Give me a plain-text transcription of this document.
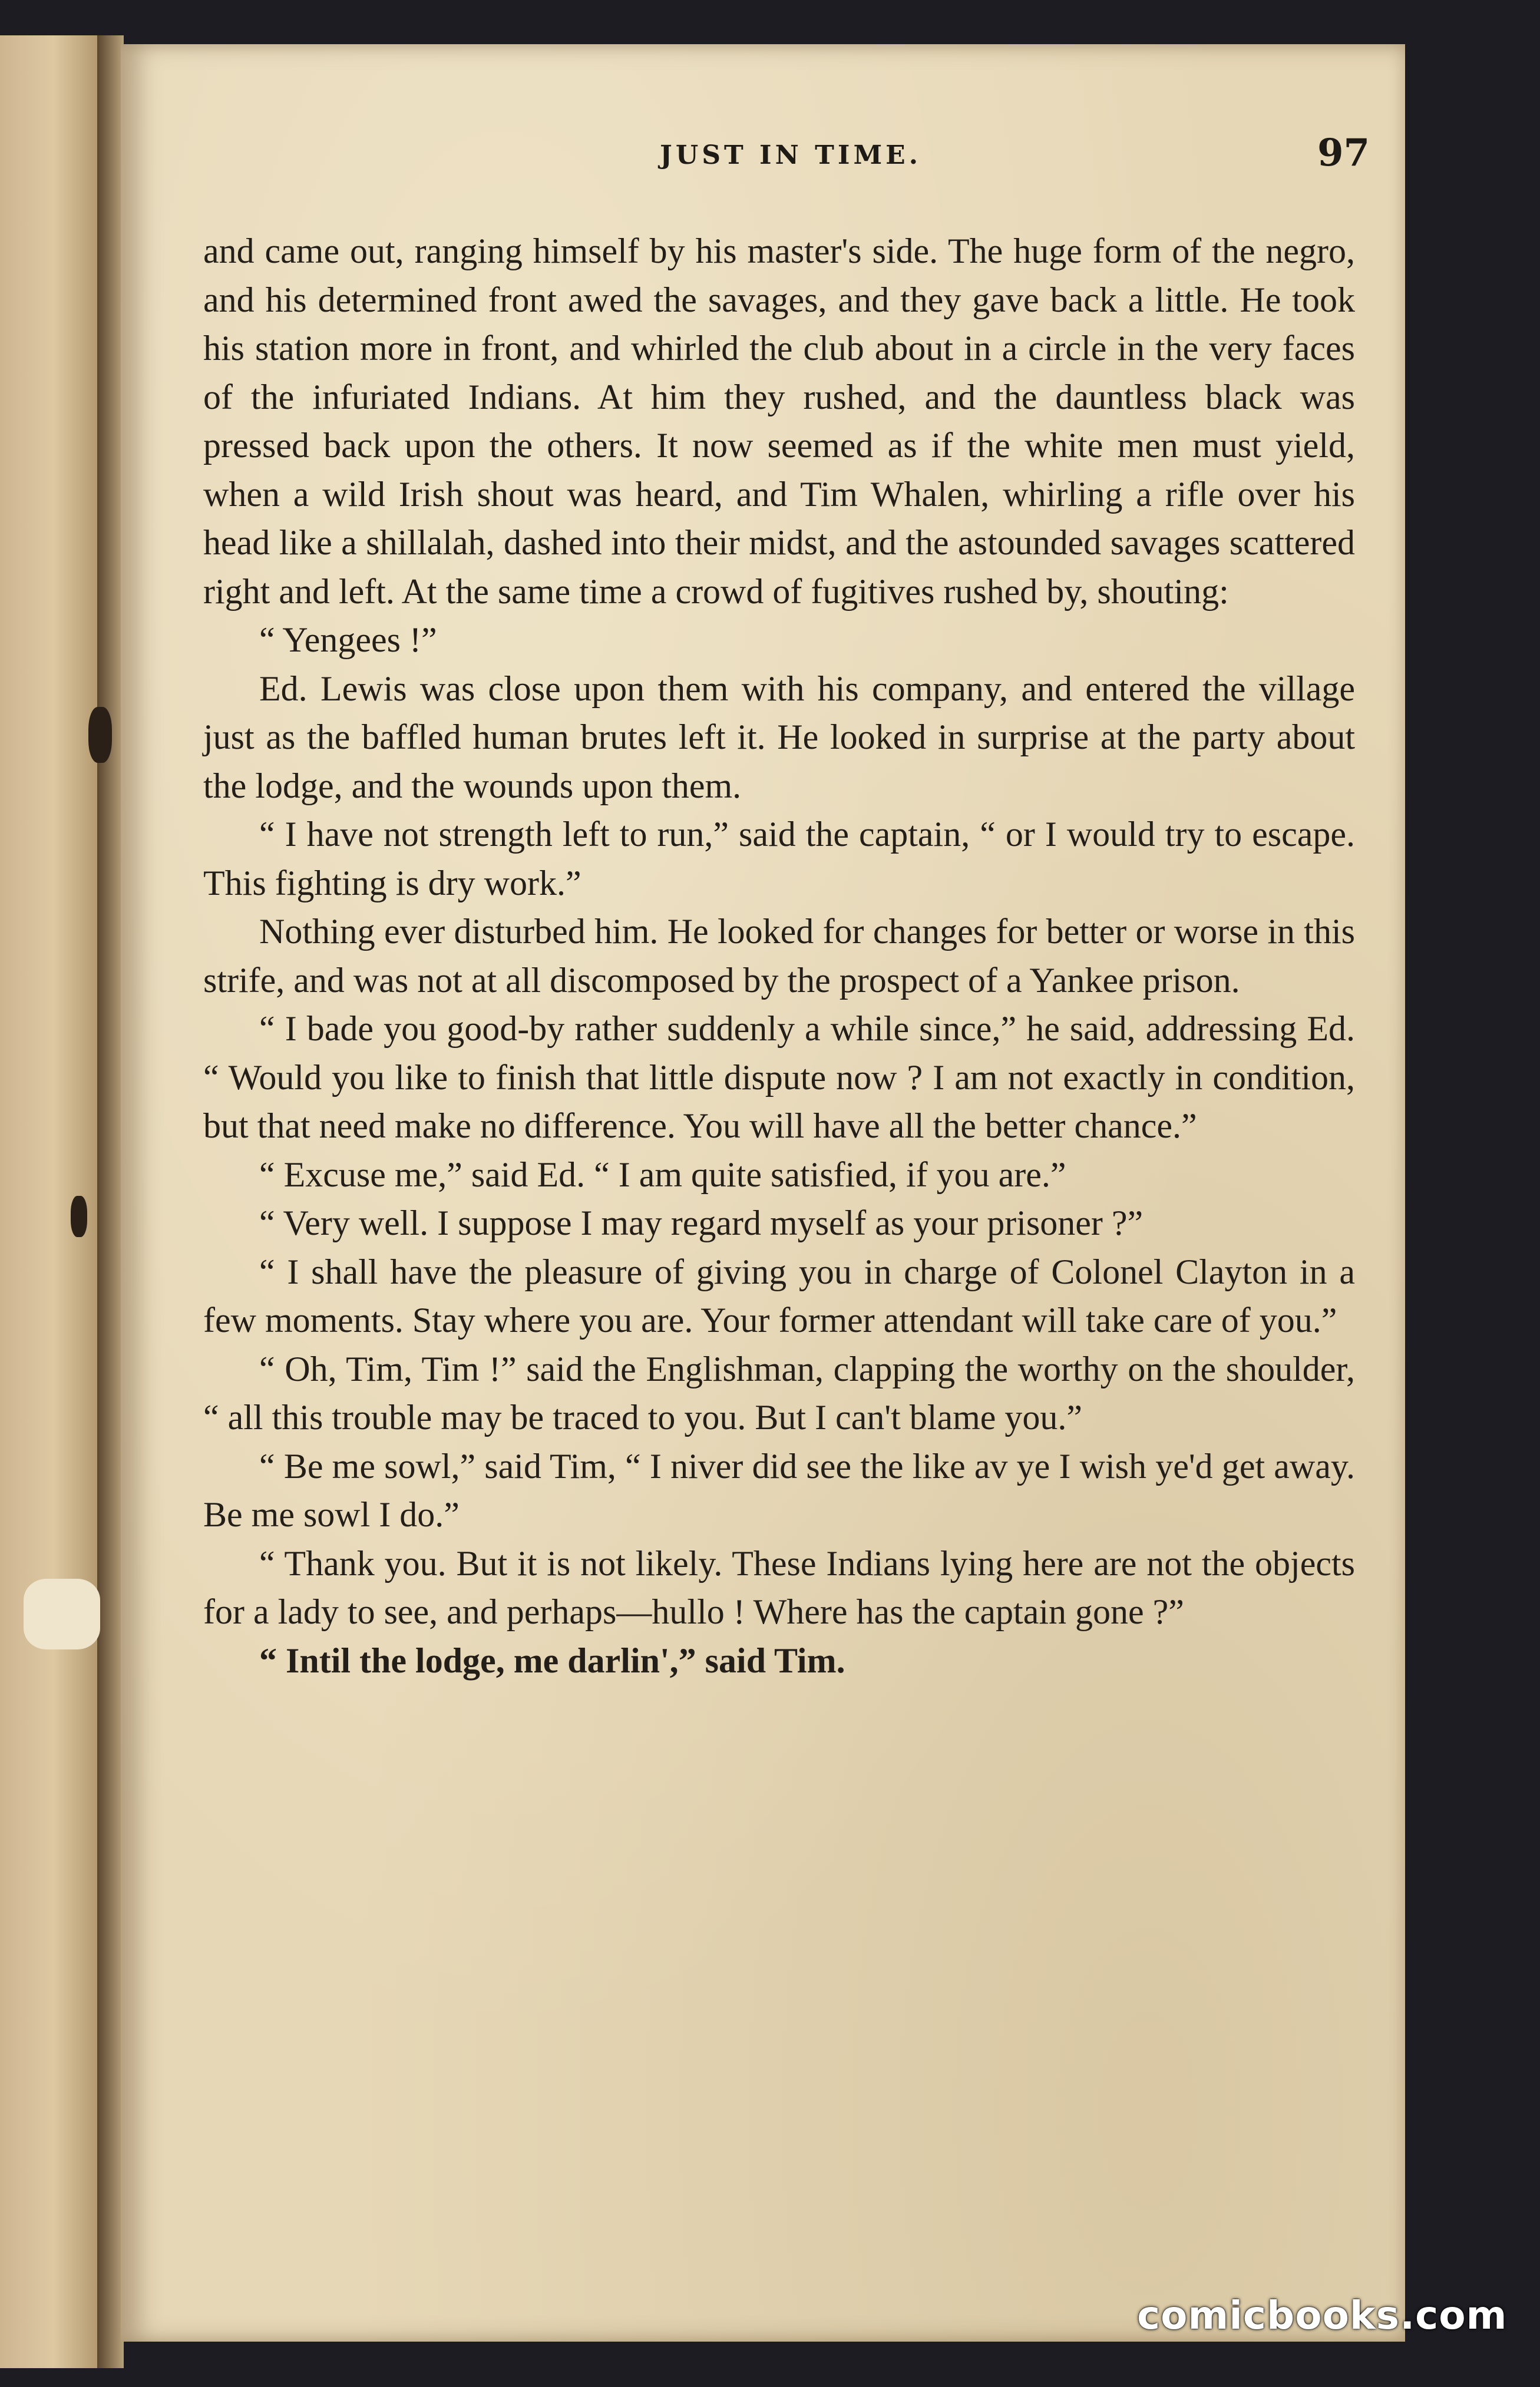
JUST IN TIME.	97

and came out, ranging himself by his master's side. The huge form of the negro, and his determined front awed the savages, and they gave back a little. He took his station more in front, and whirled the club about in a circle in the very faces of the infuriated Indians. At him they rushed, and the dauntless black was pressed back upon the others. It now seemed as if the white men must yield, when a wild Irish shout was heard, and Tim Whalen, whirling a rifle over his head like a shillalah, dashed into their midst, and the astounded savages scattered right and left. At the same time a crowd of fugitives rushed by, shouting:

“ Yengees !”

Ed. Lewis was close upon them with his company, and entered the village just as the baffled human brutes left it. He looked in surprise at the party about the lodge, and the wounds upon them.

“ I have not strength left to run,” said the captain, “ or I would try to escape. This fighting is dry work.”

Nothing ever disturbed him. He looked for changes for better or worse in this strife, and was not at all discomposed by the prospect of a Yankee prison.

“ I bade you good-by rather suddenly a while since,” he said, addressing Ed. “ Would you like to finish that little dispute now ? I am not exactly in condition, but that need make no difference. You will have all the better chance.”

“ Excuse me,” said Ed. “ I am quite satisfied, if you are.”

“ Very well. I suppose I may regard myself as your prisoner ?”

“ I shall have the pleasure of giving you in charge of Colonel Clayton in a few moments. Stay where you are. Your former attendant will take care of you.”

“ Oh, Tim, Tim !” said the Englishman, clapping the worthy on the shoulder, “ all this trouble may be traced to you. But I can't blame you.”

“ Be me sowl,” said Tim, “ I niver did see the like av ye I wish ye'd get away. Be me sowl I do.”

“ Thank you. But it is not likely. These Indians lying here are not the objects for a lady to see, and perhaps—hullo ! Where has the captain gone ?”

“ Intil the lodge, me darlin',” said Tim.

comicbooks.com
